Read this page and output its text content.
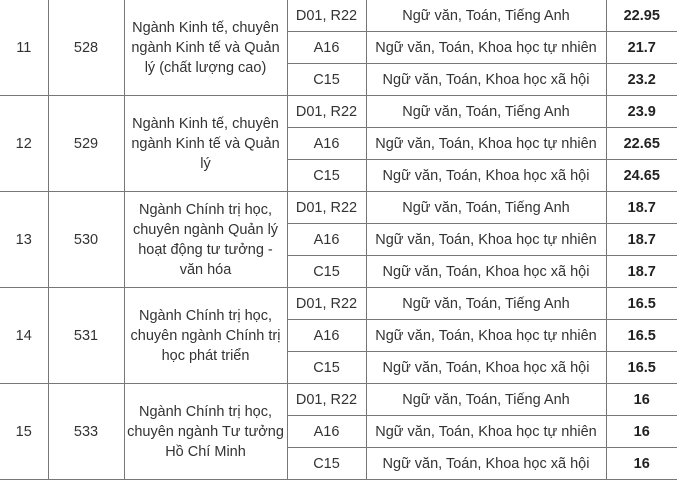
11	528	Ngành Kinh tế, chuyên ngành Kinh tế và Quản lý (chất lượng cao)	D01, R22	Ngữ văn, Toán, Tiếng Anh	22.95
			A16	Ngữ văn, Toán, Khoa học tự nhiên	21.7
			C15	Ngữ văn, Toán, Khoa học xã hội	23.2
12	529	Ngành Kinh tế, chuyên ngành Kinh tế và Quản lý	D01, R22	Ngữ văn, Toán, Tiếng Anh	23.9
			A16	Ngữ văn, Toán, Khoa học tự nhiên	22.65
			C15	Ngữ văn, Toán, Khoa học xã hội	24.65
13	530	Ngành Chính trị học, chuyên ngành Quản lý hoạt động tư tưởng - văn hóa	D01, R22	Ngữ văn, Toán, Tiếng Anh	18.7
			A16	Ngữ văn, Toán, Khoa học tự nhiên	18.7
			C15	Ngữ văn, Toán, Khoa học xã hội	18.7
14	531	Ngành Chính trị học, chuyên ngành Chính trị học phát triển	D01, R22	Ngữ văn, Toán, Tiếng Anh	16.5
			A16	Ngữ văn, Toán, Khoa học tự nhiên	16.5
			C15	Ngữ văn, Toán, Khoa học xã hội	16.5
15	533	Ngành Chính trị học, chuyên ngành Tư tưởng Hồ Chí Minh	D01, R22	Ngữ văn, Toán, Tiếng Anh	16
			A16	Ngữ văn, Toán, Khoa học tự nhiên	16
			C15	Ngữ văn, Toán, Khoa học xã hội	16
